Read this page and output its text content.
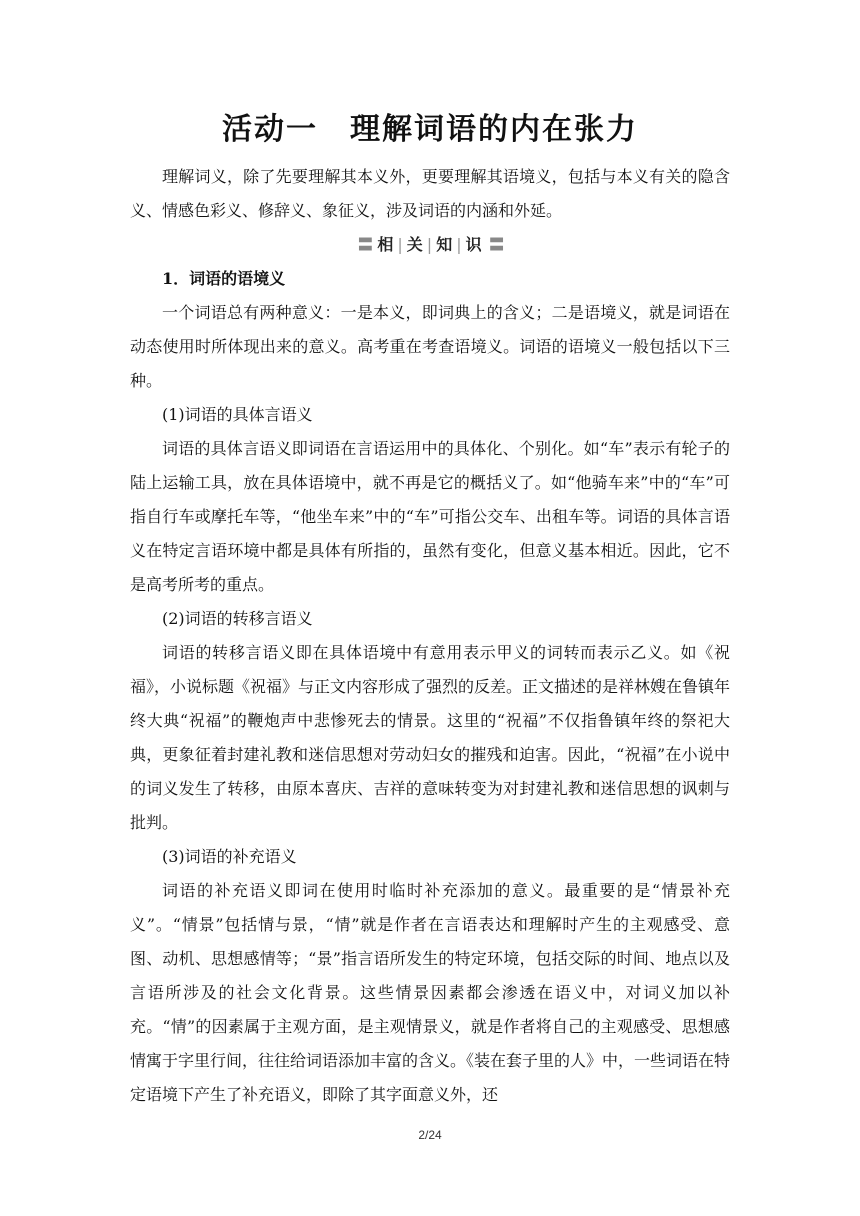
活动一　理解词语的内在张力

理解词义，除了先要理解其本义外，更要理解其语境义，包括与本义有关的隐含义、情感色彩义、修辞义、象征义，涉及词语的内涵和外延。

〓 相 | 关 | 知 | 识 〓

1．词语的语境义

一个词语总有两种意义：一是本义，即词典上的含义；二是语境义，就是词语在动态使用时所体现出来的意义。高考重在考查语境义。词语的语境义一般包括以下三种。

(1)词语的具体言语义

词语的具体言语义即词语在言语运用中的具体化、个别化。如“车”表示有轮子的陆上运输工具，放在具体语境中，就不再是它的概括义了。如“他骑车来”中的“车”可指自行车或摩托车等，“他坐车来”中的“车”可指公交车、出租车等。词语的具体言语义在特定言语环境中都是具体有所指的，虽然有变化，但意义基本相近。因此，它不是高考所考的重点。

(2)词语的转移言语义

词语的转移言语义即在具体语境中有意用表示甲义的词转而表示乙义。如《祝福》，小说标题《祝福》与正文内容形成了强烈的反差。正文描述的是祥林嫂在鲁镇年终大典“祝福”的鞭炮声中悲惨死去的情景。这里的“祝福”不仅指鲁镇年终的祭祀大典，更象征着封建礼教和迷信思想对劳动妇女的摧残和迫害。因此，“祝福”在小说中的词义发生了转移，由原本喜庆、吉祥的意味转变为对封建礼教和迷信思想的讽刺与批判。

(3)词语的补充语义

词语的补充语义即词在使用时临时补充添加的意义。最重要的是“情景补充义”。“情景”包括情与景，“情”就是作者在言语表达和理解时产生的主观感受、意图、动机、思想感情等；“景”指言语所发生的特定环境，包括交际的时间、地点以及言语所涉及的社会文化背景。这些情景因素都会渗透在语义中，对词义加以补充。“情”的因素属于主观方面，是主观情景义，就是作者将自己的主观感受、思想感情寓于字里行间，往往给词语添加丰富的含义。《装在套子里的人》中，一些词语在特定语境下产生了补充语义，即除了其字面意义外，还

2/24
